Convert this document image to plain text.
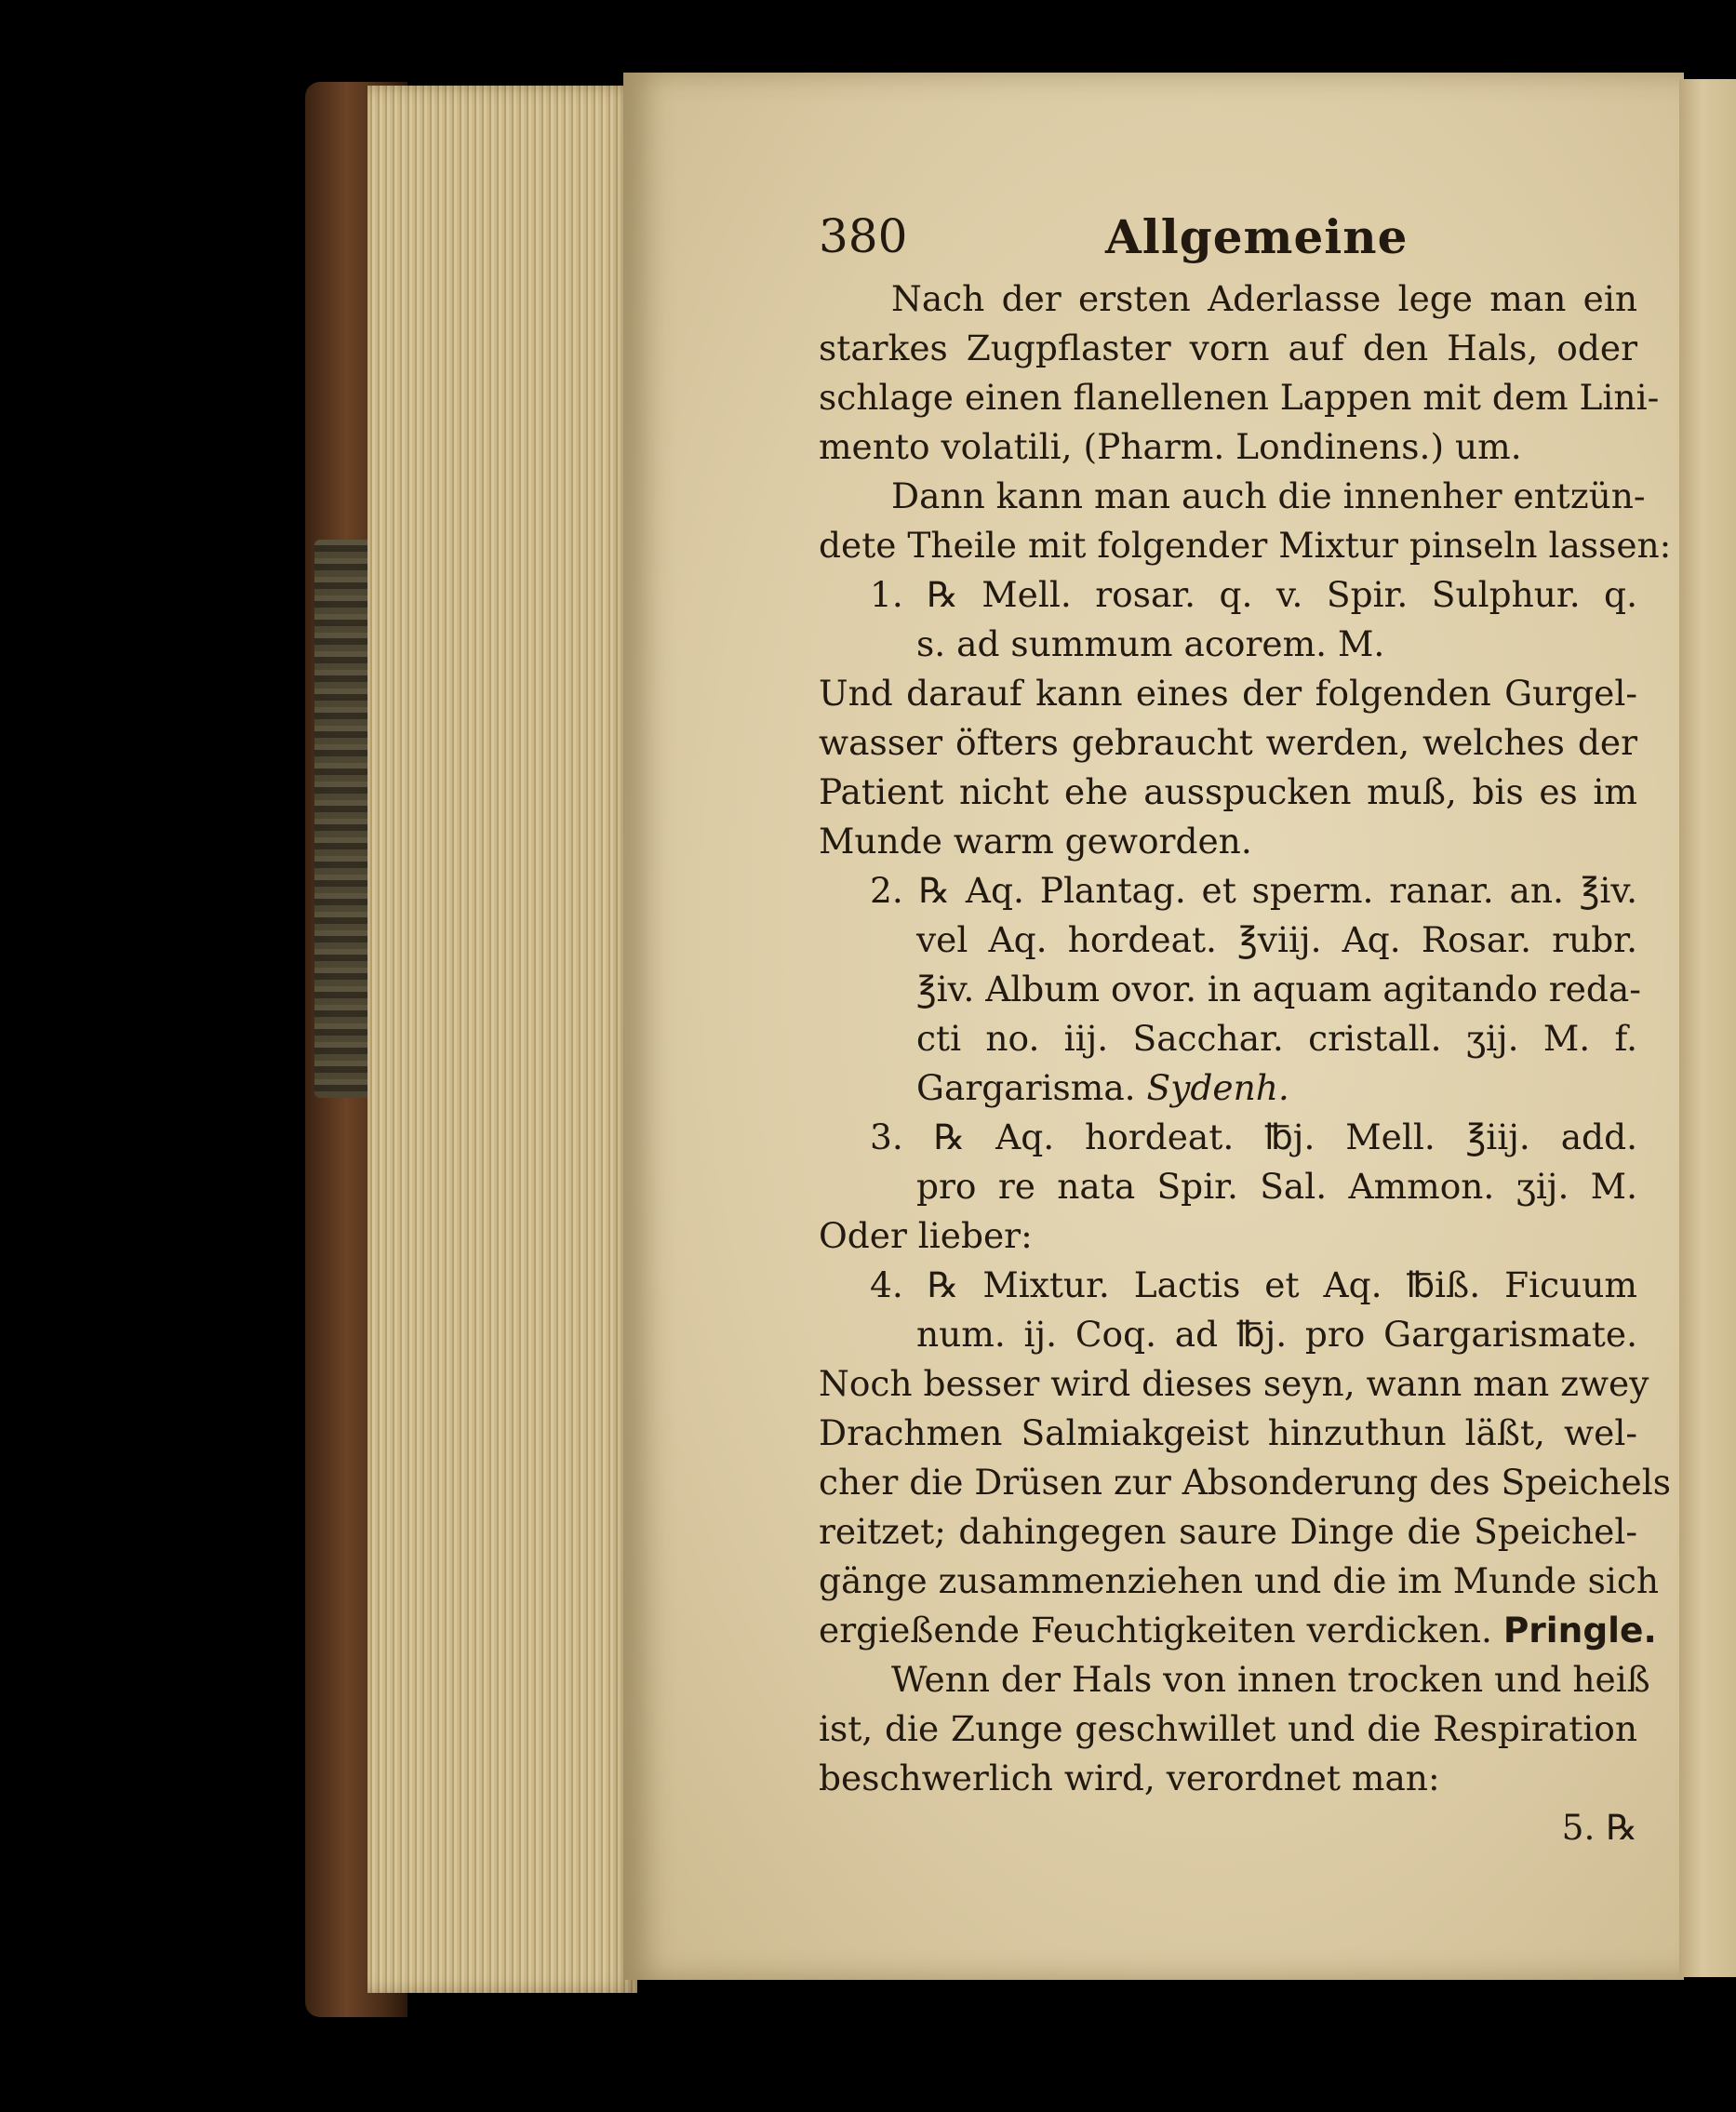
380	Allgemeine
Nach der ersten Aderlasse lege man ein
starkes Zugpflaster vorn auf den Hals, oder
schlage einen flanellenen Lappen mit dem Lini-
mento volatili, (Pharm. Londinens.) um.
Dann kann man auch die innenher entzün-
dete Theile mit folgender Mixtur pinseln lassen:
1. ℞ Mell. rosar. q. v. Spir. Sulphur. q.
s. ad summum acorem. M.
Und darauf kann eines der folgenden Gurgel-
wasser öfters gebraucht werden, welches der
Patient nicht ehe ausspucken muß, bis es im
Munde warm geworden.
2. ℞ Aq. Plantag. et sperm. ranar. an. ℥iv.
vel Aq. hordeat. ℥viij. Aq. Rosar. rubr.
℥iv. Album ovor. in aquam agitando reda-
cti no. iij. Sacchar. cristall. ʒij. M. f.
Gargarisma. Sydenh.
3. ℞ Aq. hordeat. ℔j. Mell. ℥iij. add.
pro re nata Spir. Sal. Ammon. ʒij. M.
Oder lieber:
4. ℞ Mixtur. Lactis et Aq. ℔iß. Ficuum
num. ij. Coq. ad ℔j. pro Gargarismate.
Noch besser wird dieses seyn, wann man zwey
Drachmen Salmiakgeist hinzuthun läßt, wel-
cher die Drüsen zur Absonderung des Speichels
reitzet; dahingegen saure Dinge die Speichel-
gänge zusammenziehen und die im Munde sich
ergießende Feuchtigkeiten verdicken. Pringle.
Wenn der Hals von innen trocken und heiß
ist, die Zunge geschwillet und die Respiration
beschwerlich wird, verordnet man:
5. ℞
